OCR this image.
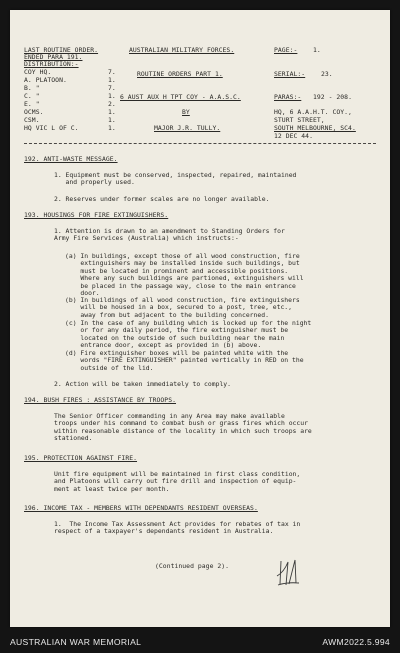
LAST ROUTINE ORDER.
ENDED PARA 191.
DISTRIBUTION:-
COY HQ.	7.
A. PLATOON.	1.
B. "	7.
C. "	1.
E. "	2.
OCMS.	1.
CSM.	1.
HQ VIC L OF C.	1.
AUSTRALIAN MILITARY FORCES.
ROUTINE ORDERS PART 1.
6 AUST AUX H TPT COY - A.A.S.C.
BY
MAJOR J.R. TULLY.
PAGE:- 1.
SERIAL:- 23.
PARAS:- 192 - 208.
HQ, 6 A.A.H.T. COY.,
STURT STREET,
SOUTH MELBOURNE, SC4.
12 DEC 44.
192. ANTI-WASTE MESSAGE.
1. Equipment must be conserved, inspected, repaired, maintained
and properly used.
2. Reserves under former scales are no longer available.
193. HOUSINGS FOR FIRE EXTINGUISHERS.
1. Attention is drawn to an amendment to Standing Orders for
Army Fire Services (Australia) which instructs:-
(a) In buildings, except those of all wood construction, fire
extinguishers may be installed inside such buildings, but
must be located in prominent and accessible positions.
Where any such buildings are partioned, extinguishers will
be placed in the passage way, close to the main entrance
door.
(b) In buildings of all wood construction, fire extinguishers
will be housed in a box, secured to a post, tree, etc.,
away from but adjacent to the building concerned.
(c) In the case of any building which is locked up for the night
or for any daily period, the fire extinguisher must be
located on the outside of such building near the main
entrance door, except as provided in (b) above.
(d) Fire extinguisher boxes will be painted white with the
words "FIRE EXTINGUISHER" painted vertically in RED on the
outside of the lid.
2. Action will be taken immediately to comply.
194. BUSH FIRES : ASSISTANCE BY TROOPS.
The Senior Officer commanding in any Area may make available
troops under his command to combat bush or grass fires which occur
within reasonable distance of the locality in which such troops are
stationed.
195. PROTECTION AGAINST FIRE.
Unit fire equipment will be maintained in first class condition,
and Platoons will carry out fire drill and inspection of equip-
ment at least twice per month.
196. INCOME TAX - MEMBERS WITH DEPENDANTS RESIDENT OVERSEAS.
1.  The Income Tax Assessment Act provides for rebates of tax in
respect of a taxpayer's dependants resident in Australia.
(Continued page 2).
AUSTRALIAN WAR MEMORIAL	AWM2022.5.994
